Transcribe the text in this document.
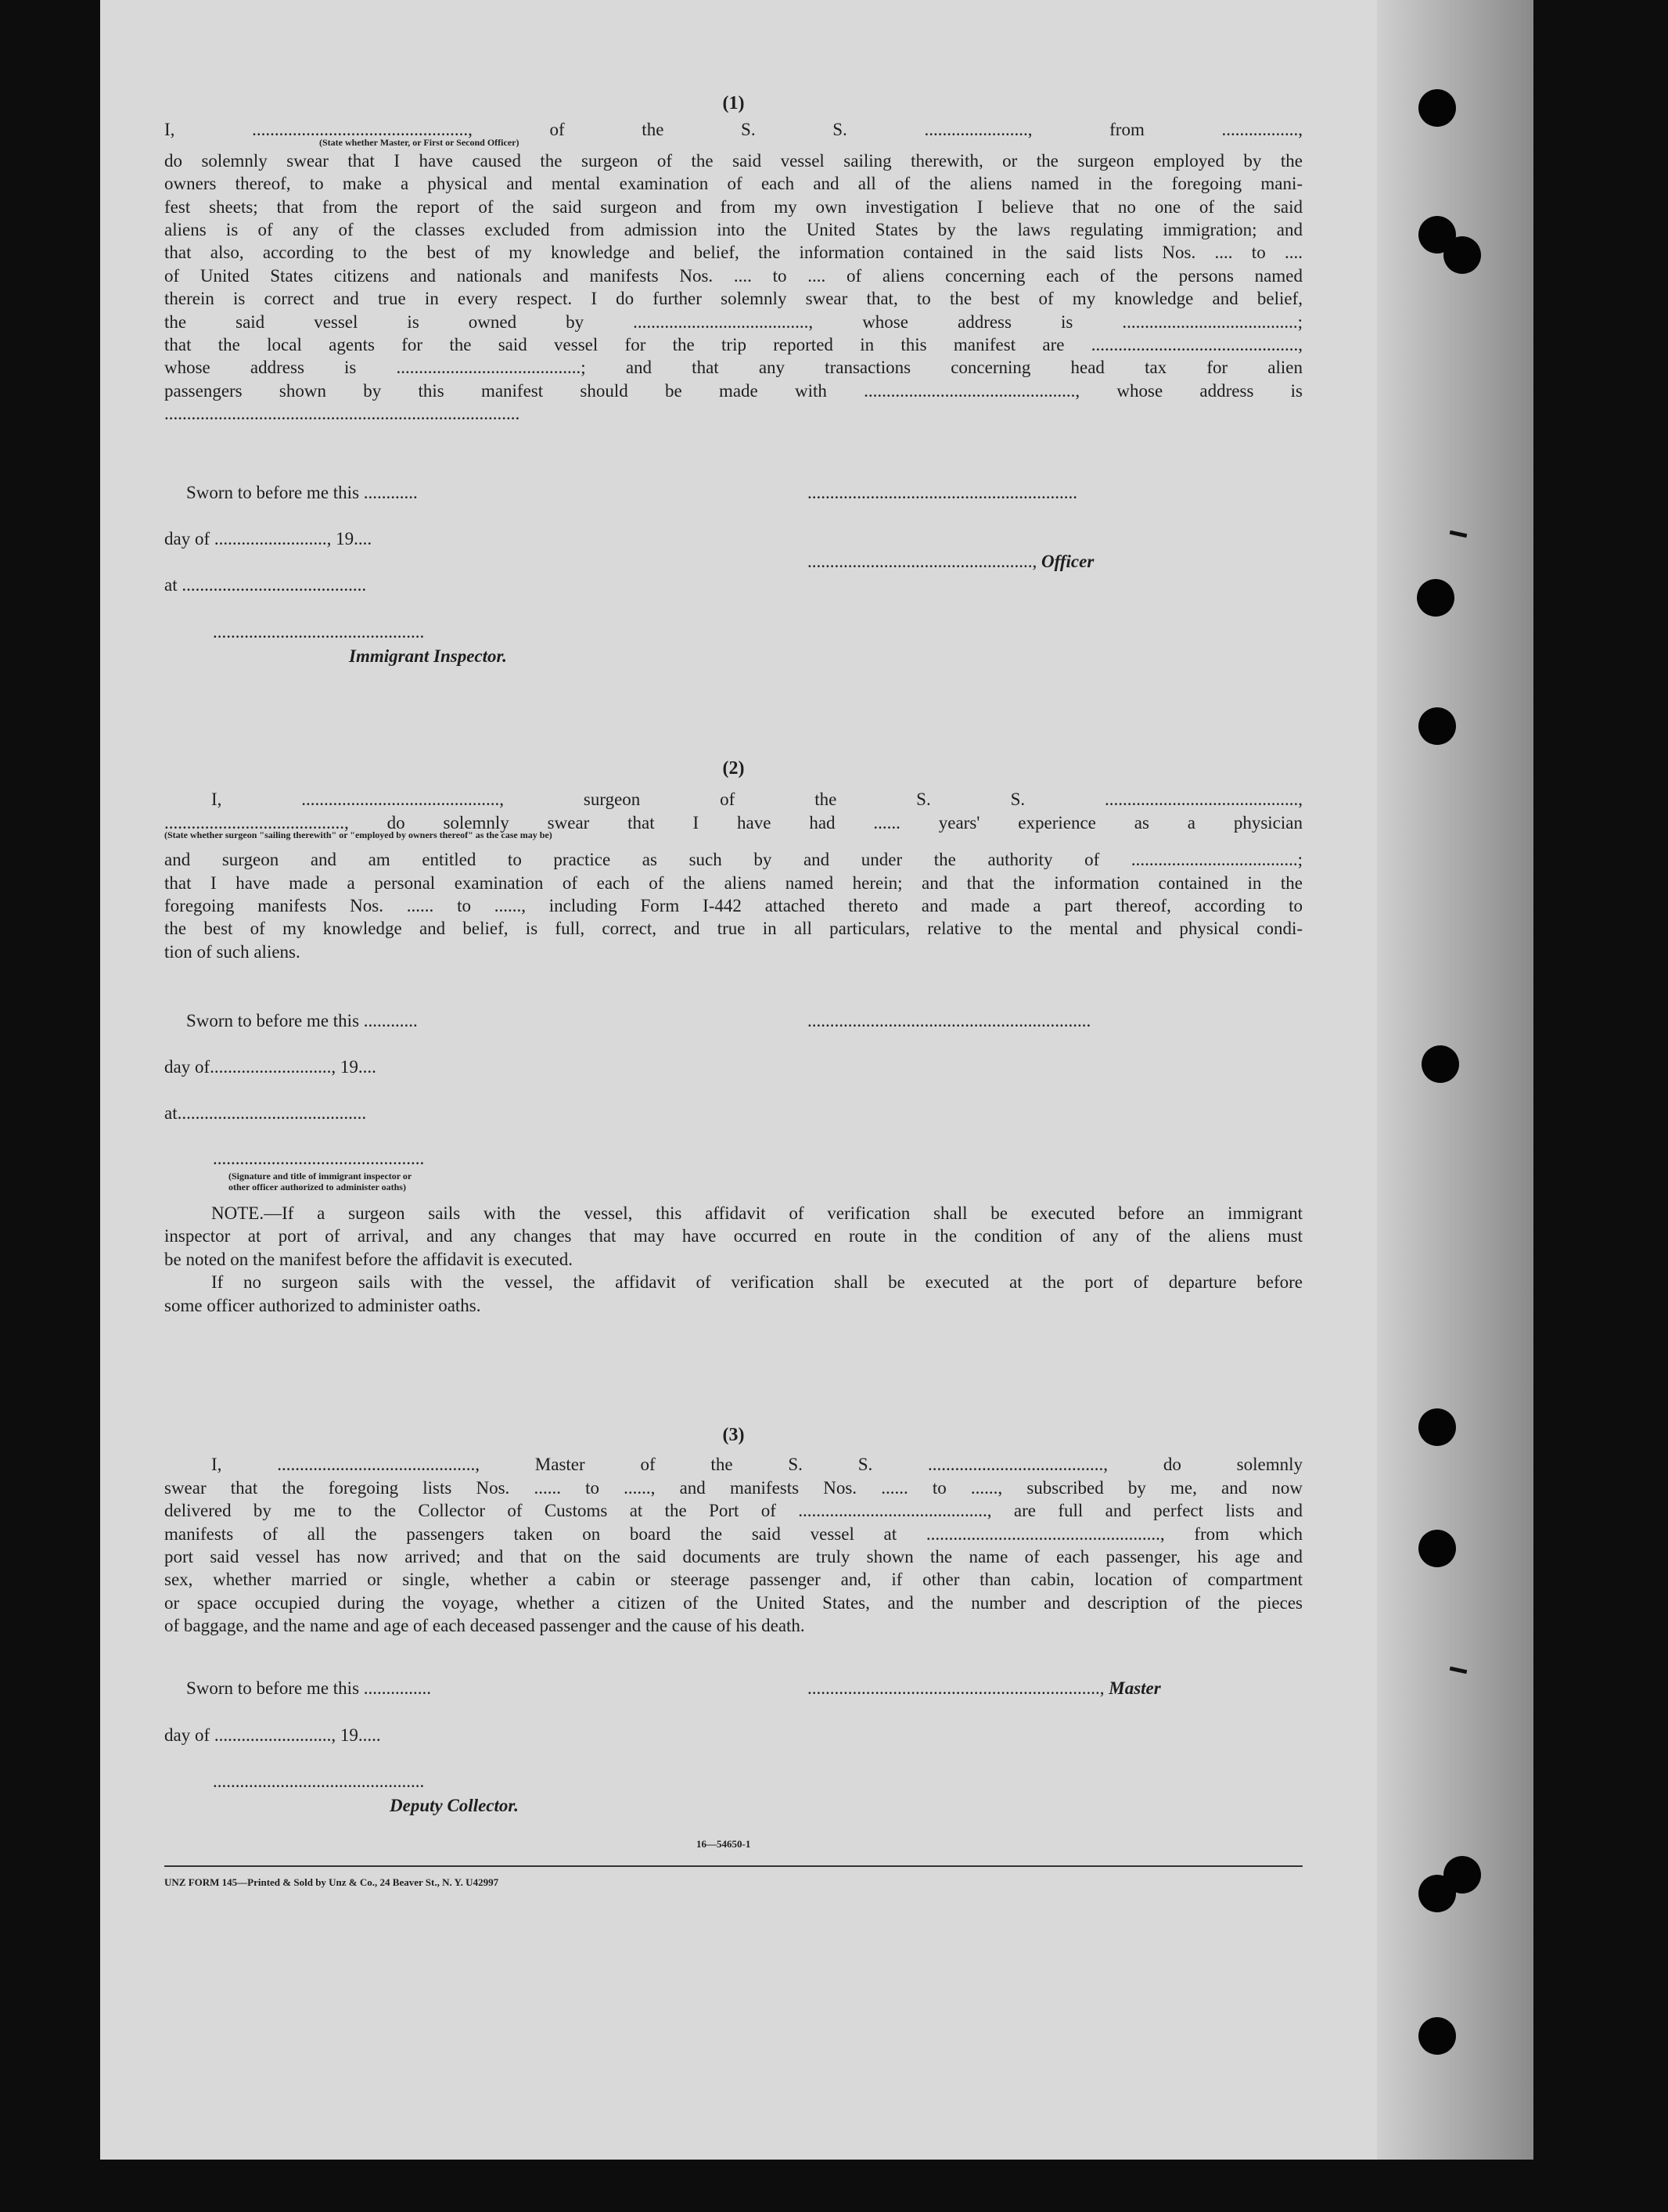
(1)
I, ................................................, of the S. S. ......................., from .................,
(State whether Master, or First or Second Officer)
do solemnly swear that I have caused the surgeon of the said vessel sailing therewith, or the surgeon employed by the
owners thereof, to make a physical and mental examination of each and all of the aliens named in the foregoing mani-
fest sheets; that from the report of the said surgeon and from my own investigation I believe that no one of the said
aliens is of any of the classes excluded from admission into the United States by the laws regulating immigration; and
that also, according to the best of my knowledge and belief, the information contained in the said lists Nos. .... to ....
of United States citizens and nationals and manifests Nos. .... to .... of aliens concerning each of the persons named
therein is correct and true in every respect. I do further solemnly swear that, to the best of my knowledge and belief,
the said vessel is owned by ......................................., whose address is .......................................;
that the local agents for the said vessel for the trip reported in this manifest are ..............................................,
whose address is .........................................; and that any transactions concerning head tax for alien
passengers shown by this manifest should be made with ..............................................., whose address is
...............................................................................
Sworn to before me this ............	............................................................
day of ........................., 19....
at .........................................
.................................................., Officer
...............................................
Immigrant Inspector.
(2)
I, ............................................, surgeon of the S. S. ...........................................,
........................................, do solemnly swear that I have had ...... years' experience as a physician
(State whether surgeon "sailing therewith" or "employed by owners thereof" as the case may be)
and surgeon and am entitled to practice as such by and under the authority of .....................................;
that I have made a personal examination of each of the aliens named herein; and that the information contained in the
foregoing manifests Nos. ...... to ......, including Form I-442 attached thereto and made a part thereof, according to
the best of my knowledge and belief, is full, correct, and true in all particulars, relative to the mental and physical condi-
tion of such aliens.
Sworn to before me this ............	...............................................................
day of..........................., 19....
at..........................................
...............................................
(Signature and title of immigrant inspector or
other officer authorized to administer oaths)
NOTE.—If a surgeon sails with the vessel, this affidavit of verification shall be executed before an immigrant
inspector at port of arrival, and any changes that may have occurred en route in the condition of any of the aliens must
be noted on the manifest before the affidavit is executed.
If no surgeon sails with the vessel, the affidavit of verification shall be executed at the port of departure before
some officer authorized to administer oaths.
(3)
I, ............................................, Master of the S. S. ......................................., do solemnly
swear that the foregoing lists Nos. ...... to ......, and manifests Nos. ...... to ......, subscribed by me, and now
delivered by me to the Collector of Customs at the Port of .........................................., are full and perfect lists and
manifests of all the passengers taken on board the said vessel at ...................................................., from which
port said vessel has now arrived; and that on the said documents are truly shown the name of each passenger, his age and
sex, whether married or single, whether a cabin or steerage passenger and, if other than cabin, location of compartment
or space occupied during the voyage, whether a citizen of the United States, and the number and description of the pieces
of baggage, and the name and age of each deceased passenger and the cause of his death.
Sworn to before me this ...............	................................................................., Master
day of .........................., 19.....
...............................................
Deputy Collector.
16—54650-1
UNZ FORM 145—Printed & Sold by Unz & Co., 24 Beaver St., N. Y. U42997
